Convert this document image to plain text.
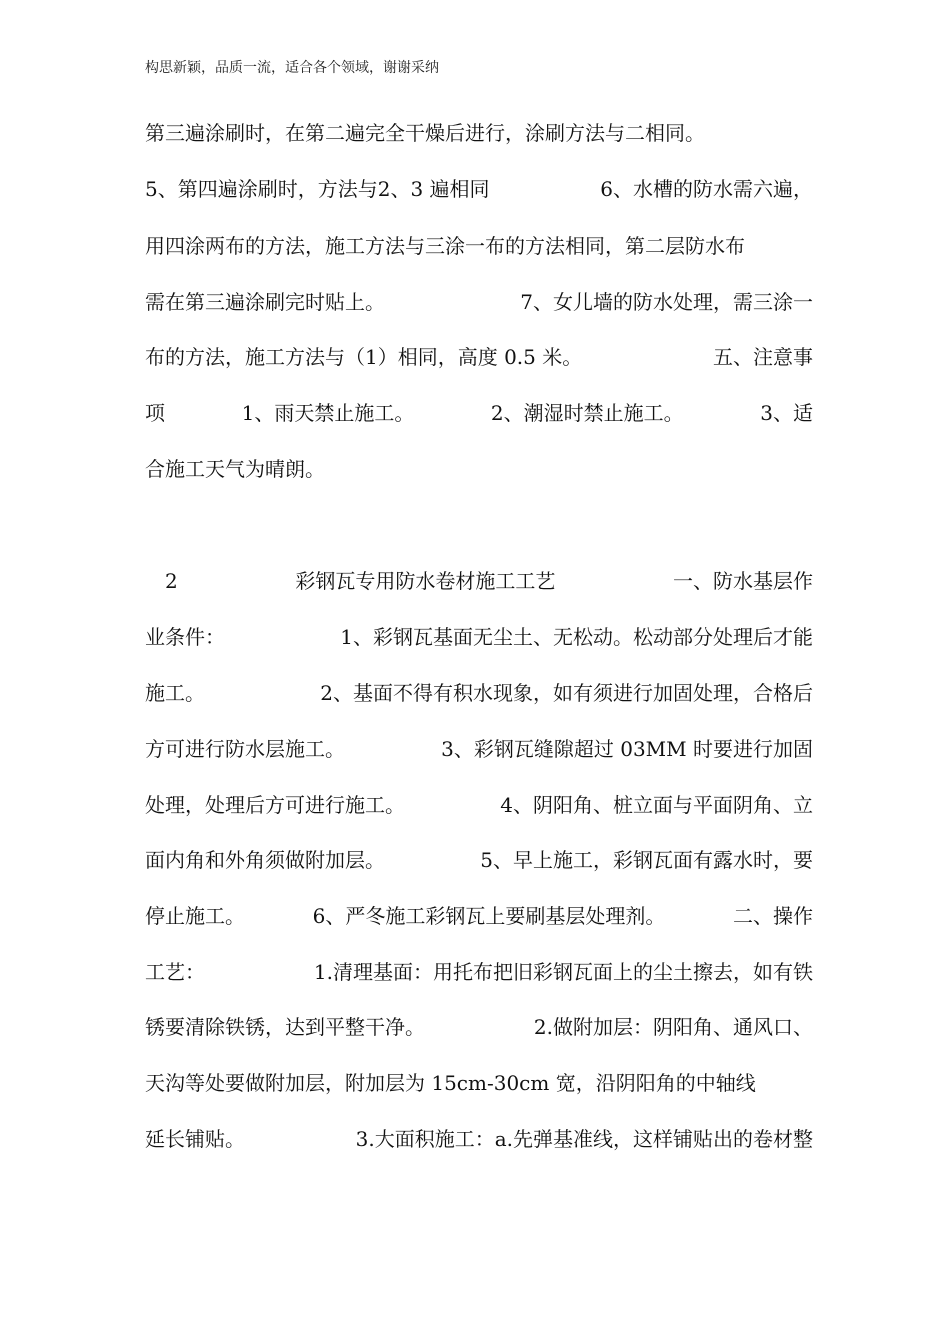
构思新颖，品质一流，适合各个领域，谢谢采纳
第三遍涂刷时，在第二遍完全干燥后进行，涂刷方法与二相同。
5、第四遍涂刷时，方法与2、3 遍相同	6、水槽的防水需六遍，
用四涂两布的方法，施工方法与三涂一布的方法相同，第二层防水布
需在第三遍涂刷完时贴上。	7、女儿墙的防水处理，需三涂一
布的方法，施工方法与（1）相同，高度 0.5 米。	五、注意事
项	1、雨天禁止施工。	2、潮湿时禁止施工。	3、适
合施工天气为晴朗。
　2	彩钢瓦专用防水卷材施工工艺	一、防水基层作
业条件：	1、彩钢瓦基面无尘土、无松动。松动部分处理后才能
施工。	2、基面不得有积水现象，如有须进行加固处理，合格后
方可进行防水层施工。	3、彩钢瓦缝隙超过 03MM 时要进行加固
处理，处理后方可进行施工。	4、阴阳角、桩立面与平面阴角、立
面内角和外角须做附加层。	5、早上施工，彩钢瓦面有露水时，要
停止施工。	6、严冬施工彩钢瓦上要刷基层处理剂。	二、操作
工艺：	1.清理基面：用托布把旧彩钢瓦面上的尘土擦去，如有铁
锈要清除铁锈，达到平整干净。	2.做附加层：阴阳角、通风口、
天沟等处要做附加层，附加层为 15cm-30cm 宽，沿阴阳角的中轴线
延长铺贴。	3.大面积施工：a.先弹基准线，这样铺贴出的卷材整
